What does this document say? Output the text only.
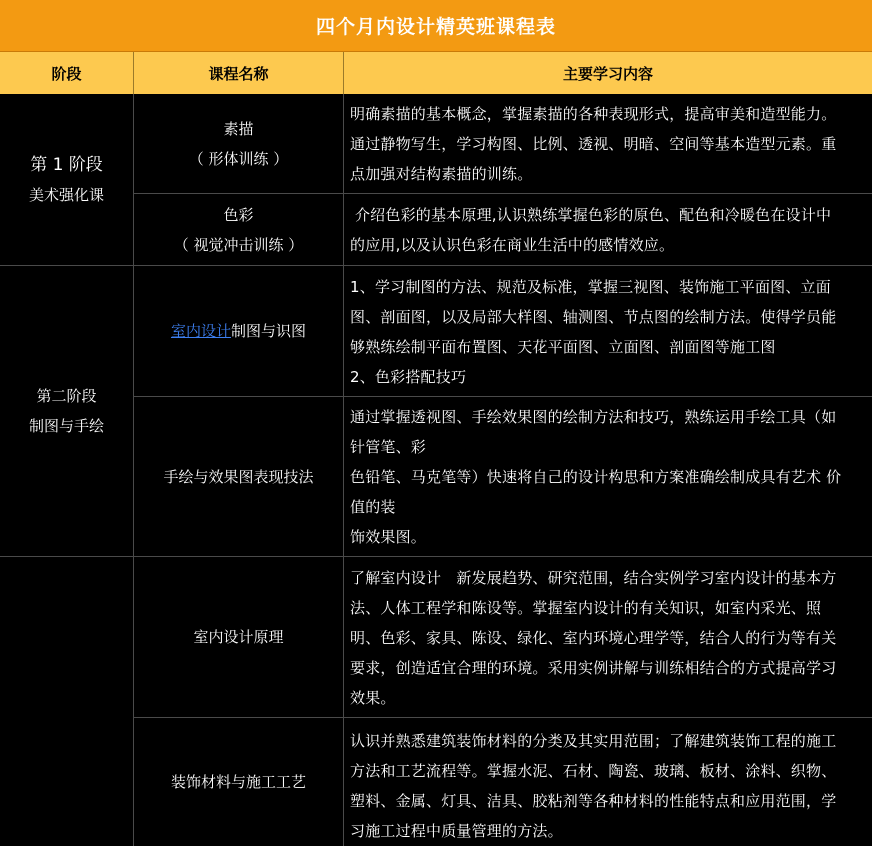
四个月内设计精英班课程表
阶段	课程名称	主要学习内容
第 1 阶段
美术强化课
第二阶段
制图与手绘
素描
（ 形体训练 ）
色彩
（ 视觉冲击训练 ）
室内设计制图与识图
手绘与效果图表现技法
室内设计原理
装饰材料与施工工艺
明确素描的基本概念，掌握素描的各种表现形式，提高审美和造型能力。
通过静物写生，学习构图、比例、透视、明暗、空间等基本造型元素。重
点加强对结构素描的训练。
介绍色彩的基本原理,认识熟练掌握色彩的原色、配色和冷暖色在设计中
的应用,以及认识色彩在商业生活中的感情效应。
1、学习制图的方法、规范及标准，掌握三视图、装饰施工平面图、立面
图、剖面图，以及局部大样图、轴测图、节点图的绘制方法。使得学员能
够熟练绘制平面布置图、天花平面图、立面图、剖面图等施工图
2、色彩搭配技巧
通过掌握透视图、手绘效果图的绘制方法和技巧，熟练运用手绘工具（如
针管笔、彩
色铅笔、马克笔等）快速将自己的设计构思和方案准确绘制成具有艺术 价
值的装
饰效果图。
了解室内设计　新发展趋势、研究范围，结合实例学习室内设计的基本方
法、人体工程学和陈设等。掌握室内设计的有关知识，如室内采光、照
明、色彩、家具、陈设、绿化、室内环境心理学等，结合人的行为等有关
要求，创造适宜合理的环境。采用实例讲解与训练相结合的方式提高学习
效果。
认识并熟悉建筑装饰材料的分类及其实用范围；了解建筑装饰工程的施工
方法和工艺流程等。掌握水泥、石材、陶瓷、玻璃、板材、涂料、织物、
塑料、金属、灯具、洁具、胶粘剂等各种材料的性能特点和应用范围，学
习施工过程中质量管理的方法。
